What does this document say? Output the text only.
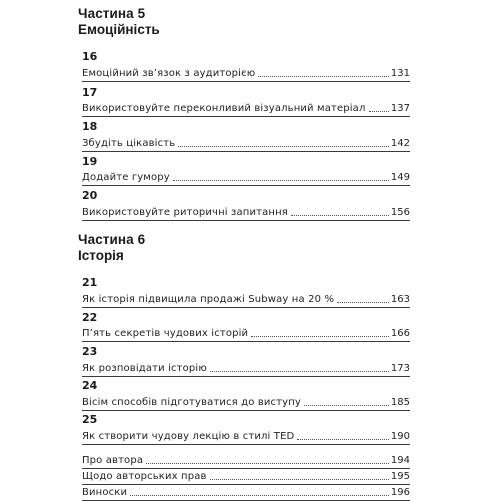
Частина 5
Емоційність
16
Емоційний зв’язок з аудиторією	131
17
Використовуйте переконливий візуальний матеріал	137
18
Збудіть цікавість	142
19
Додайте гумору	149
20
Використовуйте риторичні запитання	156
Частина 6
Історія
21
Як історія підвищила продажі Subway на 20 %	163
22
П’ять секретів чудових історій	166
23
Як розповідати історію	173
24
Вісім способів підготуватися до виступу	185
25
Як створити чудову лекцію в стилі TED	190
Про автора	194
Щодо авторських прав	195
Виноски	196
